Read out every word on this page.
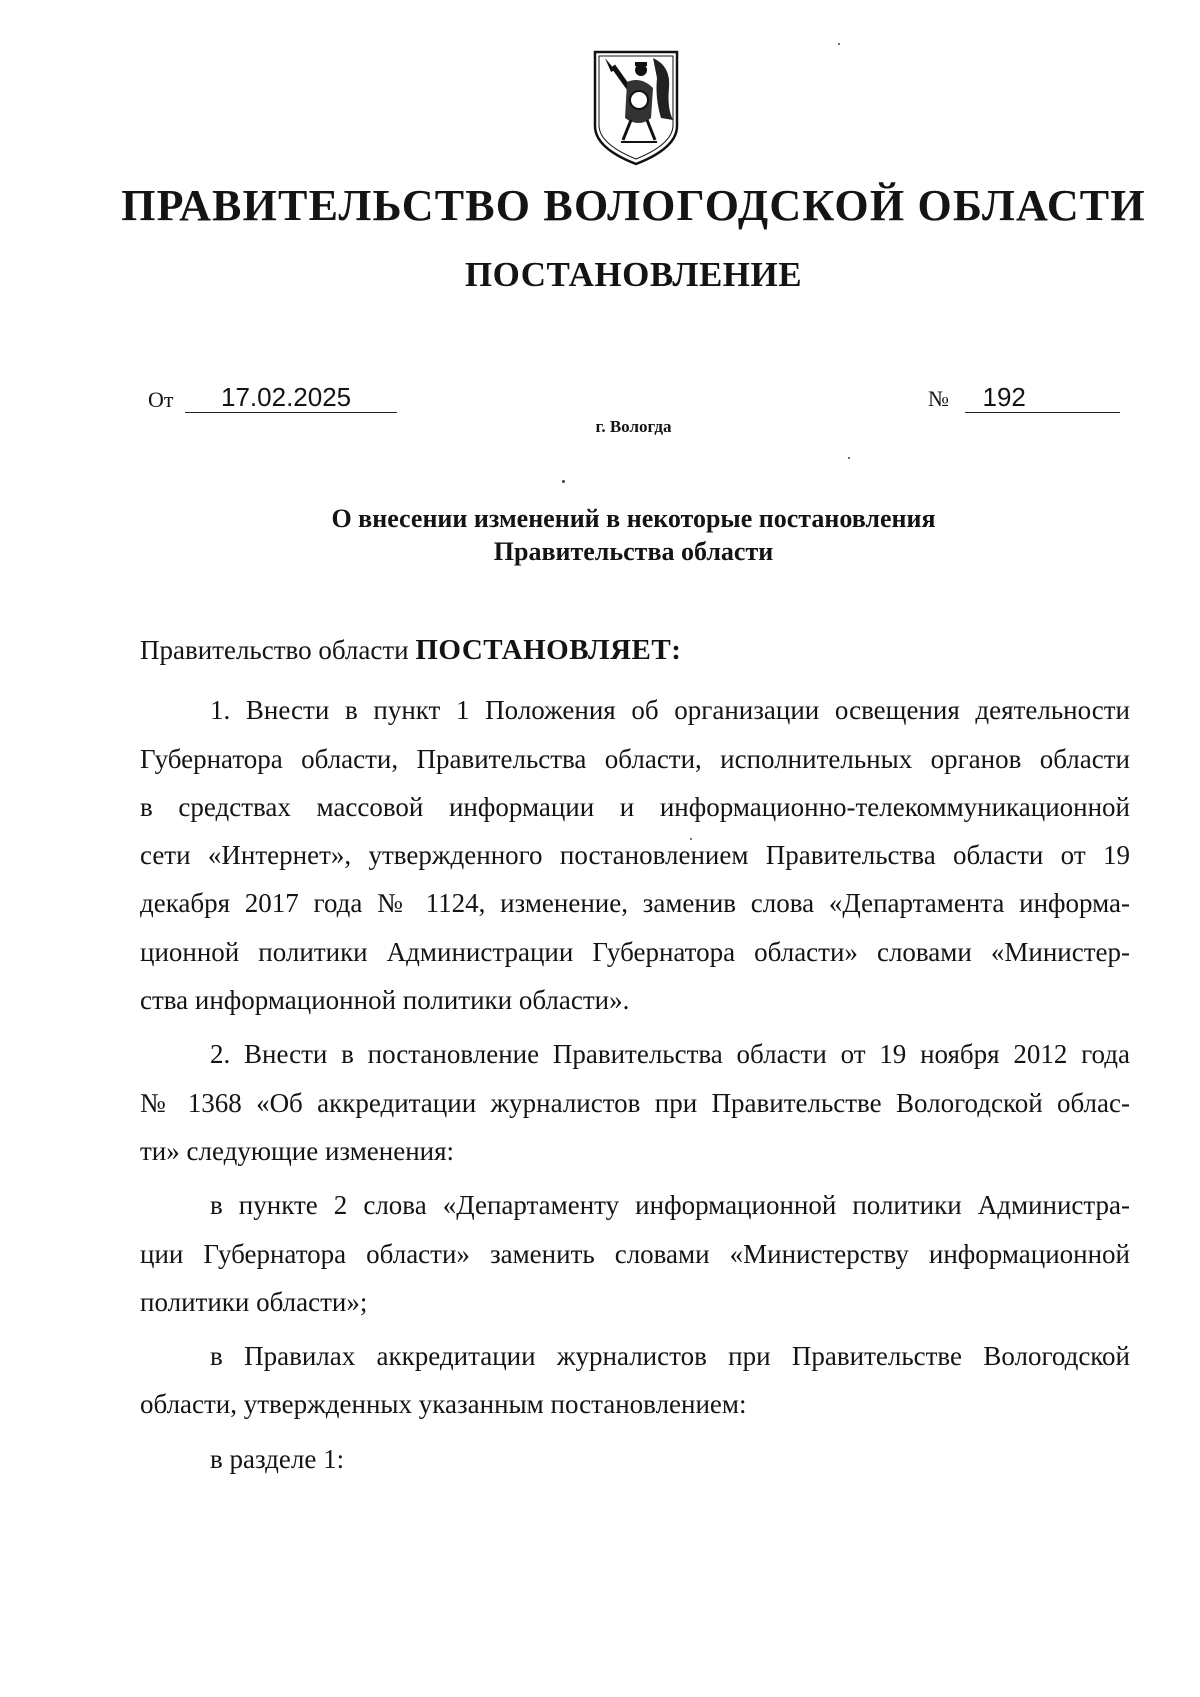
ПРАВИТЕЛЬСТВО ВОЛОГОДСКОЙ ОБЛАСТИ
ПОСТАНОВЛЕНИЕ
От 17.02.2025	№ 192
г. Вологда
О внесении изменений в некоторые постановления
Правительства области

Правительство области ПОСТАНОВЛЯЕТ:

1. Внести в пункт 1 Положения об организации освещения деятельности
Губернатора области, Правительства области, исполнительных органов области
в средствах массовой информации и информационно-телекоммуникационной
сети «Интернет», утвержденного постановлением Правительства области от 19
декабря 2017 года № 1124, изменение, заменив слова «Департамента информа-
ционной политики Администрации Губернатора области» словами «Министер-
ства информационной политики области».

2. Внести в постановление Правительства области от 19 ноября 2012 года
№ 1368 «Об аккредитации журналистов при Правительстве Вологодской облас-
ти» следующие изменения:

в пункте 2 слова «Департаменту информационной политики Администра-
ции Губернатора области» заменить словами «Министерству информационной
политики области»;

в Правилах аккредитации журналистов при Правительстве Вологодской
области, утвержденных указанным постановлением:

в разделе 1:
